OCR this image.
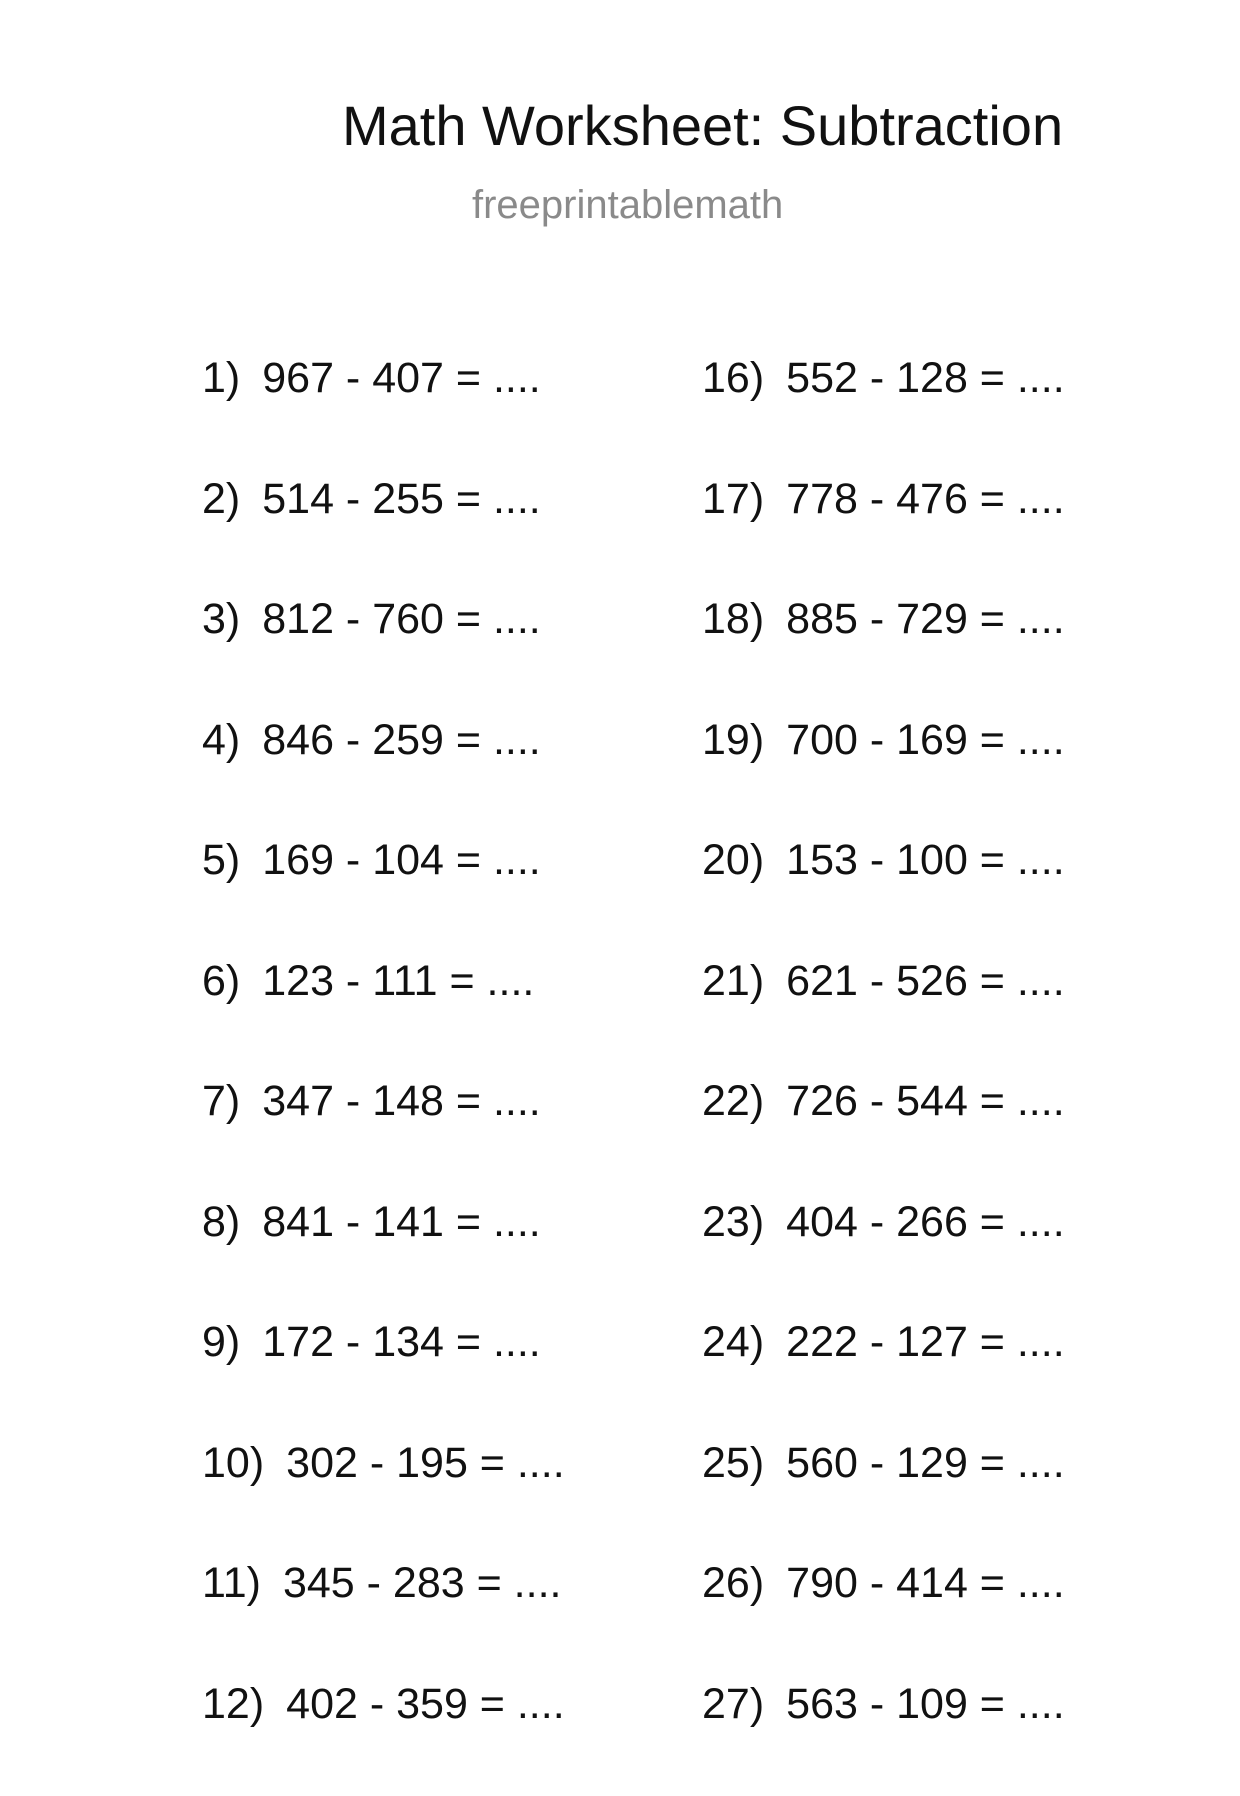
Math Worksheet: Subtraction
freeprintablemath
1) 967 - 407 = ....
2) 514 - 255 = ....
3) 812 - 760 = ....
4) 846 - 259 = ....
5) 169 - 104 = ....
6) 123 - 111 = ....
7) 347 - 148 = ....
8) 841 - 141 = ....
9) 172 - 134 = ....
10) 302 - 195 = ....
11) 345 - 283 = ....
12) 402 - 359 = ....
16) 552 - 128 = ....
17) 778 - 476 = ....
18) 885 - 729 = ....
19) 700 - 169 = ....
20) 153 - 100 = ....
21) 621 - 526 = ....
22) 726 - 544 = ....
23) 404 - 266 = ....
24) 222 - 127 = ....
25) 560 - 129 = ....
26) 790 - 414 = ....
27) 563 - 109 = ....
